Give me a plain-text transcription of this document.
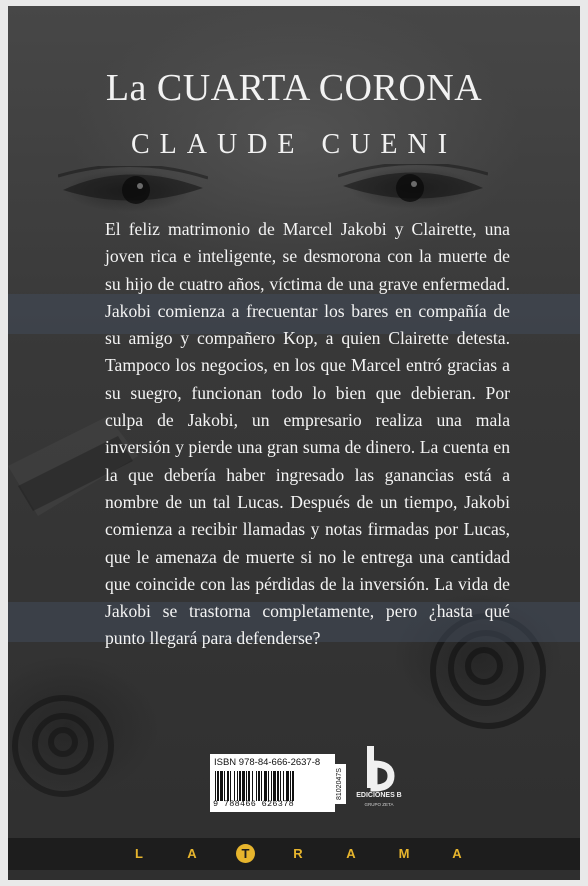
La CUARTA CORONA
CLAUDE CUENI

El feliz matrimonio de Marcel Jakobi y Clairette, una joven rica e inteligente, se desmorona con la muerte de su hijo de cuatro años, víctima de una grave enfermedad. Jakobi comienza a frecuentar los bares en compañía de su amigo y compañero Kop, a quien Clairette detesta. Tampoco los negocios, en los que Marcel entró gracias a su suegro, funcionan todo lo bien que debieran. Por culpa de Jakobi, un empresario realiza una mala inversión y pierde una gran suma de dinero. La cuenta en la que debería haber ingresado las ganancias está a nombre de un tal Lucas. Después de un tiempo, Jakobi comienza a recibir llamadas y notas firmadas por Lucas, que le amenaza de muerte si no le entrega una cantidad que coincide con las pérdidas de la inversión. La vida de Jakobi se trastorna completamente, pero ¿hasta qué punto llegará para defenderse?

ISBN 978-84-666-2637-8
9 788466 626378
8102047S	EDICIONES B
GRUPO ZETA
L	A	T	R	A	M	A
